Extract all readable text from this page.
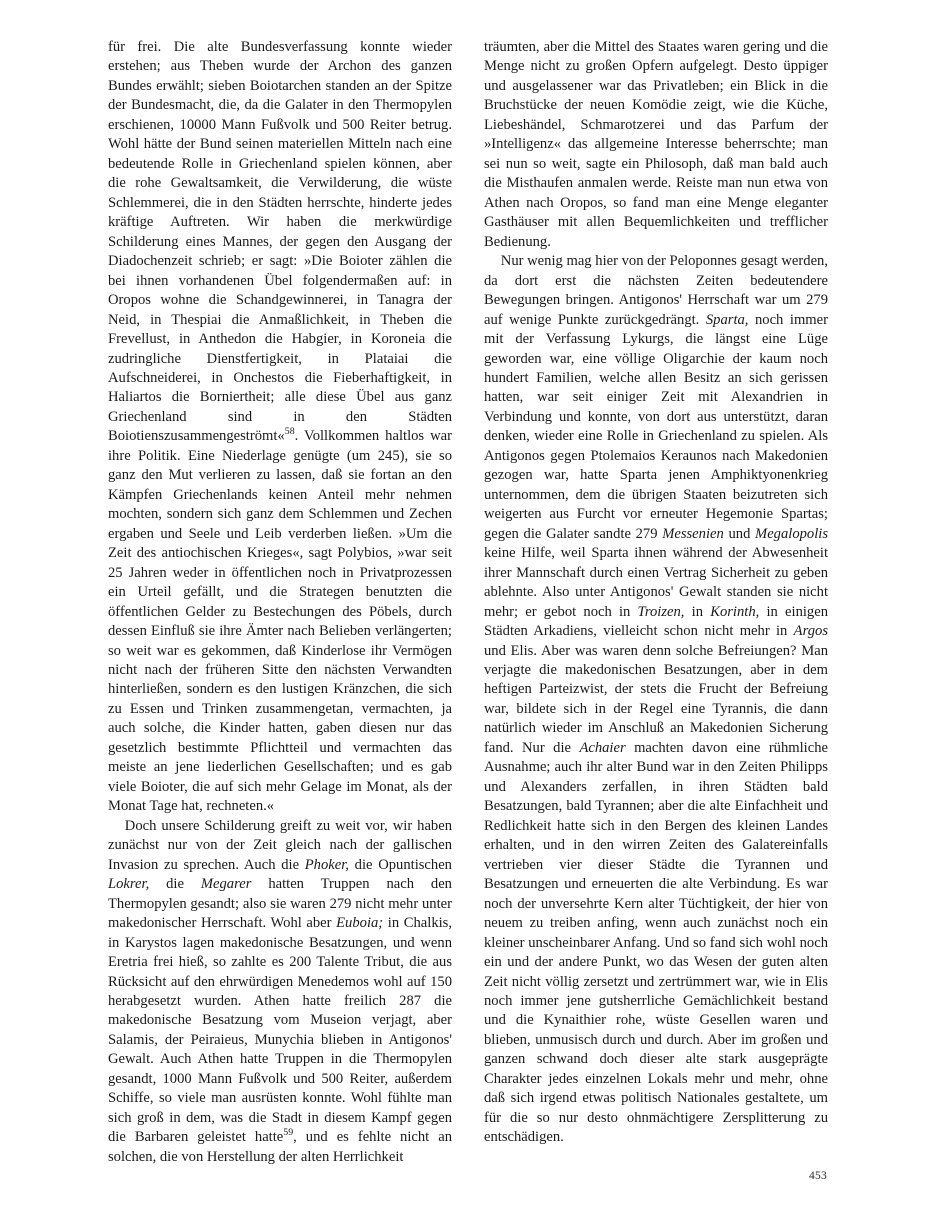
für frei. Die alte Bundesverfassung konnte wieder erstehen; aus Theben wurde der Archon des ganzen Bundes erwählt; sieben Boiotarchen standen an der Spitze der Bundesmacht, die, da die Galater in den Thermopylen erschienen, 10000 Mann Fußvolk und 500 Reiter betrug. Wohl hätte der Bund seinen materiellen Mitteln nach eine bedeutende Rolle in Griechenland spielen können, aber die rohe Gewaltsamkeit, die Verwilderung, die wüste Schlemmerei, die in den Städten herrschte, hinderte jedes kräftige Auftreten. Wir haben die merkwürdige Schilderung eines Mannes, der gegen den Ausgang der Diadochenzeit schrieb; er sagt: »Die Boioter zählen die bei ihnen vorhandenen Übel folgendermaßen auf: in Oropos wohne die Schandgewinnerei, in Tanagra der Neid, in Thespiai die Anmaßlichkeit, in Theben die Frevellust, in Anthedon die Habgier, in Koroneia die zudringliche Dienstfertigkeit, in Plataiai die Aufschneiderei, in Onchestos die Fieberhaftigkeit, in Haliartos die Borniertheit; alle diese Übel aus ganz Griechenland sind in den Städten Boiotienszusammengeströmt«$^{58}$. Vollkommen haltlos war ihre Politik. Eine Niederlage genügte (um 245), sie so ganz den Mut verlieren zu lassen, daß sie fortan an den Kämpfen Griechenlands keinen Anteil mehr nehmen mochten, sondern sich ganz dem Schlemmen und Zechen ergaben und Seele und Leib verderben ließen. »Um die Zeit des antiochischen Krieges«, sagt Polybios, »war seit 25 Jahren weder in öffentlichen noch in Privatprozessen ein Urteil gefällt, und die Strategen benutzten die öffentlichen Gelder zu Bestechungen des Pöbels, durch dessen Einfluß sie ihre Ämter nach Belieben verlängerten; so weit war es gekommen, daß Kinderlose ihr Vermögen nicht nach der früheren Sitte den nächsten Verwandten hinterließen, sondern es den lustigen Kränzchen, die sich zu Essen und Trinken zusammengetan, vermachten, ja auch solche, die Kinder hatten, gaben diesen nur das gesetzlich bestimmte Pflichtteil und vermachten das meiste an jene liederlichen Gesellschaften; und es gab viele Boioter, die auf sich mehr Gelage im Monat, als der Monat Tage hat, rechneten.«

Doch unsere Schilderung greift zu weit vor, wir haben zunächst nur von der Zeit gleich nach der gallischen Invasion zu sprechen. Auch die Phoker, die Opuntischen Lokrer, die Megarer hatten Truppen nach den Thermopylen gesandt; also sie waren 279 nicht mehr unter makedonischer Herrschaft. Wohl aber Euboia; in Chalkis, in Karystos lagen makedonische Besatzungen, und wenn Eretria frei hieß, so zahlte es 200 Talente Tribut, die aus Rücksicht auf den ehrwürdigen Menedemos wohl auf 150 herabgesetzt wurden. Athen hatte freilich 287 die makedonische Besatzung vom Museion verjagt, aber Salamis, der Peiraieus, Munychia blieben in Antigonos' Gewalt. Auch Athen hatte Truppen in die Thermopylen gesandt, 1000 Mann Fußvolk und 500 Reiter, außerdem Schiffe, so viele man ausrüsten konnte. Wohl fühlte man sich groß in dem, was die Stadt in diesem Kampf gegen die Barbaren geleistet hatte$^{59}$, und es fehlte nicht an solchen, die von Herstellung der alten Herrlichkeit

träumten, aber die Mittel des Staates waren gering und die Menge nicht zu großen Opfern aufgelegt. Desto üppiger und ausgelassener war das Privatleben; ein Blick in die Bruchstücke der neuen Komödie zeigt, wie die Küche, Liebeshändel, Schmarotzerei und das Parfum der »Intelligenz« das allgemeine Interesse beherrschte; man sei nun so weit, sagte ein Philosoph, daß man bald auch die Misthaufen anmalen werde. Reiste man nun etwa von Athen nach Oropos, so fand man eine Menge eleganter Gasthäuser mit allen Bequemlichkeiten und trefflicher Bedienung.

Nur wenig mag hier von der Peloponnes gesagt werden, da dort erst die nächsten Zeiten bedeutendere Bewegungen bringen. Antigonos' Herrschaft war um 279 auf wenige Punkte zurückgedrängt. Sparta, noch immer mit der Verfassung Lykurgs, die längst eine Lüge geworden war, eine völlige Oligarchie der kaum noch hundert Familien, welche allen Besitz an sich gerissen hatten, war seit einiger Zeit mit Alexandrien in Verbindung und konnte, von dort aus unterstützt, daran denken, wieder eine Rolle in Griechenland zu spielen. Als Antigonos gegen Ptolemaios Keraunos nach Makedonien gezogen war, hatte Sparta jenen Amphiktyonenkrieg unternommen, dem die übrigen Staaten beizutreten sich weigerten aus Furcht vor erneuter Hegemonie Spartas; gegen die Galater sandte 279 Messenien und Megalopolis keine Hilfe, weil Sparta ihnen während der Abwesenheit ihrer Mannschaft durch einen Vertrag Sicherheit zu geben ablehnte. Also unter Antigonos' Gewalt standen sie nicht mehr; er gebot noch in Troizen, in Korinth, in einigen Städten Arkadiens, vielleicht schon nicht mehr in Argos und Elis. Aber was waren denn solche Befreiungen? Man verjagte die makedonischen Besatzungen, aber in dem heftigen Parteizwist, der stets die Frucht der Befreiung war, bildete sich in der Regel eine Tyrannis, die dann natürlich wieder im Anschluß an Makedonien Sicherung fand. Nur die Achaier machten davon eine rühmliche Ausnahme; auch ihr alter Bund war in den Zeiten Philipps und Alexanders zerfallen, in ihren Städten bald Besatzungen, bald Tyrannen; aber die alte Einfachheit und Redlichkeit hatte sich in den Bergen des kleinen Landes erhalten, und in den wirren Zeiten des Galatereinfalls vertrieben vier dieser Städte die Tyrannen und Besatzungen und erneuerten die alte Verbindung. Es war noch der unversehrte Kern alter Tüchtigkeit, der hier von neuem zu treiben anfing, wenn auch zunächst noch ein kleiner unscheinbarer Anfang. Und so fand sich wohl noch ein und der andere Punkt, wo das Wesen der guten alten Zeit nicht völlig zersetzt und zertrümmert war, wie in Elis noch immer jene gutsherrliche Gemächlichkeit bestand und die Kynaithier rohe, wüste Gesellen waren und blieben, unmusisch durch und durch. Aber im großen und ganzen schwand doch dieser alte stark ausgeprägte Charakter jedes einzelnen Lokals mehr und mehr, ohne daß sich irgend etwas politisch Nationales gestaltete, um für die so nur desto ohnmächtigere Zersplitterung zu entschädigen.

453
